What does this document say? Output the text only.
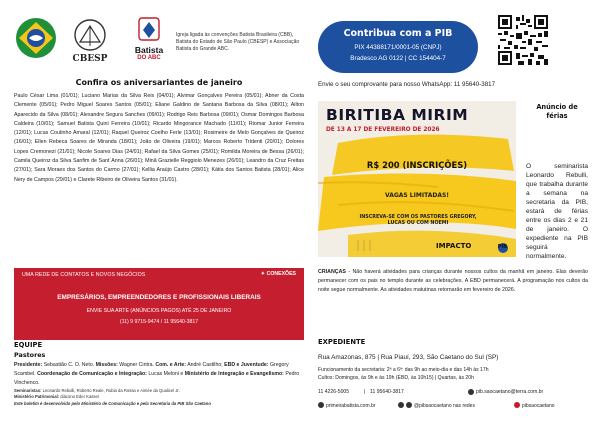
CBESP
Batista
DO ABC
Igreja ligada às convenções Batista Brasileira (CBB), Batista do Estado de São Paulo (CBESP) e Associação Batista do Grande ABC.
Confira os aniversariantes de janeiro
Paulo César Lima (01/01); Luciano Marias da Silva Reis (04/01); Alvimar Gonçalves Pereira (05/01); Abner da Costa Clemente (05/01); Pedro Miguel Soares Santos (05/01); Eliane Galdino de Santana Barbosa da Silva (08/01); Ailton Aparecido da Silva (08/01); Alexandre Segura Sanches (09/01); Rodrigo Reis Barbosa (09/01); Osmar Domingos Barbosa Caldeira (10/01); Samuel Batista Quini Ferreira (10/01); Ricardo Mingorance Machado (11/01); Riomar Junior Ferreira (12/01); Lucas Coutinho Amaral (12/01); Raquel Queiroz Coelho Ferle (13/01); Rosimeire de Melo Gonçalves de Queiroz (16/01); Ellen Rebeca Soares de Miranda (18/01); João de Oliveira (19/01); Marcos Roberto Trídenti (20/01); Dolores Lopes Cremonezi (21/01); Nicole Soares Dias (24/01); Rafael da Silva Gomes (25/01); Romilda Moreira de Bessa (26/01); Camila Queiroz da Silva Sanfim de Sant´Anna (26/01); Minã Grazielle Reggiolo Menezes (26/01); Leandro da Cruz Freitas (27/01); Sara Moraes dos Santos do Carmo (27/01); Kellia Araújo Castro (28/01); Kátia dos Santos Batista (28/01); Alice Nery de Campos (29/01) e Clarete Ribeiro de Oliveira Santos (31/01).
UMA REDE DE CONTATOS E NOVOS NEGÓCIOS	✦ CONEXÕES
EMPRESÁRIOS, EMPREENDEDORES E PROFISSIONAIS LIBERAIS
ENVIE SUA ARTE (ANÚNCIOS PAGOS) ATÉ 25 DE JANEIRO
(11) 9 9715-9474 / 11 95640-3817
EQUIPE
Pastores
Presidente: Sebastião C. O. Neto. Missões: Wagner Cintra. Com. e Arte: André Castilho; EBD e Juventude: Gregory Scambel. Coordenação de Comunicação e Integração: Lucas Meloni e Ministério de Integração e Evangelismo: Pedro Vinchenco.
Seminaristas: Leonardo Rebulli, Roberto Reale, Rubia da Rossa e Aimée da Qualicel Jr.
Ministério Patrimonial: diácono Eder Kasser
Este boletim é desenvolvido pelo Ministério de Comunicação e pela Secretaria da PIB São Caetano
Contribua com a PIB
PIX 44388171/0001-05 (CNPJ)
Bradesco AG 0122 | CC 154404-7
Envie o seu comprovante para nosso WhatsApp: 11 95640-3817
BIRITIBA MIRIM
DE 13 A 17 DE FEVEREIRO DE 2026
R$ 200 (INSCRIÇÕES)
VAGAS LIMITADAS!
INSCREVA-SE COM OS PASTORES GREGORY, LUCAS OU COM NOEMI
IMPACTO	PIB
Anúncio de férias
O seminarista Leonardo Rebulli, que trabalha durante a semana na secretaria da PIB, estará de férias entre os dias 2 e 21 de janeiro. O expediente na PIB seguirá normalmente.
CRIANÇAS - Não haverá atividades para crianças durante nossos cultos da manhã em janeiro. Elas deverão permanecer com os pais no templo durante as celebrações. A EBD permanecerá. A programação nos cultos da noite segue normalmente. As atividades matutinas retornarão em fevereiro de 2026.
EXPEDIENTE
Rua Amazonas, 875 | Rua Piauí, 293, São Caetano do Sul (SP)
Funcionamento da secretaria: 2ª a 6ª: das 9h ao meio-dia e das 14h às 17h
Cultos: Domingos, às 9h e às 19h (EBD, às 10h15) | Quartas, às 20h
11 4226-5005	| 11 95640-3817	pib.saocaetano@terra.com.br
primeirabatista.com.br	@pibsaocaetano nas redes	pibsaocaetano
